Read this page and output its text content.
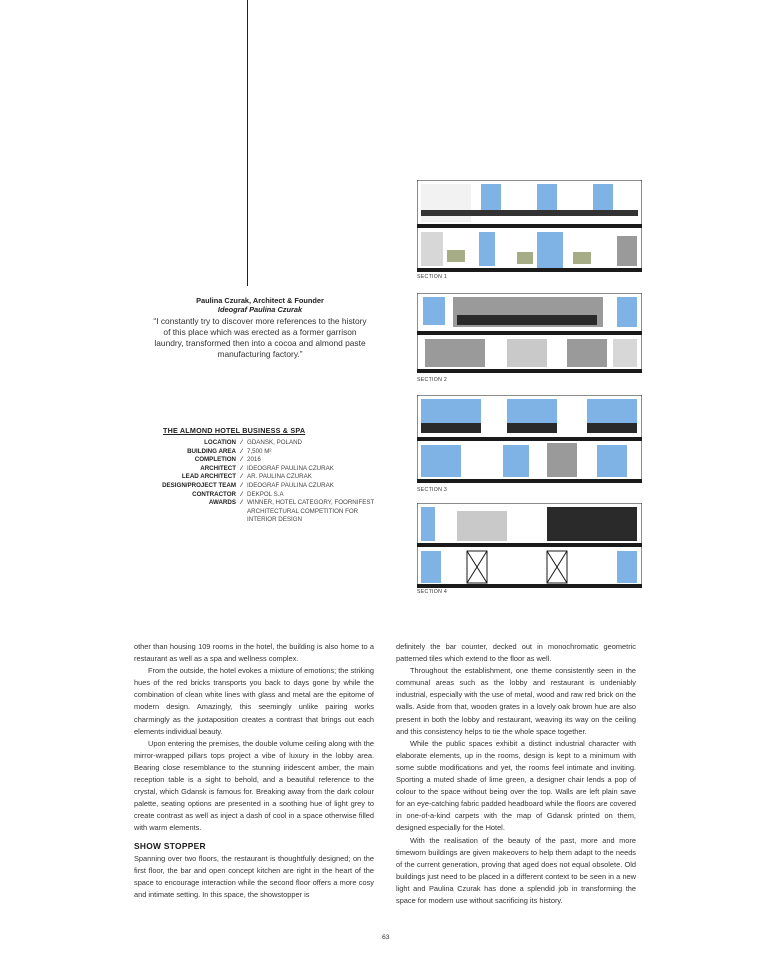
Paulina Czurak, Architect & Founder
Ideograf Paulina Czurak
“I constantly try to discover more references to the history of this place which was erected as a former garrison laundry, transformed then into a cocoa and almond paste manufacturing factory.”
THE ALMOND HOTEL BUSINESS & SPA
LOCATION ⁄ GDANSK, POLAND
BUILDING AREA ⁄ 7,500 M²
COMPLETION ⁄ 2016
ARCHITECT ⁄ IDEOGRAF PAULINA CZURAK
LEAD ARCHITECT ⁄ AR. PAULINA CZURAK
DESIGN/PROJECT TEAM ⁄ IDEOGRAF PAULINA CZURAK
CONTRACTOR ⁄ DEKPOL S.A
AWARDS ⁄ WINNER, HOTEL CATEGORY, FOORNIFEST ARCHITECTURAL COMPETITION FOR INTERIOR DESIGN
SECTION 1
SECTION 2
SECTION 3
SECTION 4

other than housing 109 rooms in the hotel, the building is also home to a restaurant as well as a spa and wellness complex.

From the outside, the hotel evokes a mixture of emotions; the striking hues of the red bricks transports you back to days gone by while the combination of clean white lines with glass and metal are the epitome of modern design. Amazingly, this seemingly unlike pairing works charmingly as the juxtaposition creates a contrast that brings out each elements individual beauty.

Upon entering the premises, the double volume ceiling along with the mirror-wrapped pillars tops project a vibe of luxury in the lobby area. Bearing close resemblance to the stunning iridescent amber, the main reception table is a sight to behold, and a beautiful reference to the crystal, which Gdansk is famous for. Breaking away from the dark colour palette, seating options are presented in a soothing hue of light grey to create contrast as well as inject a dash of cool in a space otherwise filled with warm elements.

SHOW STOPPER

Spanning over two floors, the restaurant is thoughtfully designed; on the first floor, the bar and open concept kitchen are right in the heart of the space to encourage interaction while the second floor offers a more cosy and intimate setting. In this space, the showstopper is

definitely the bar counter, decked out in monochromatic geometric patterned tiles which extend to the floor as well.

Throughout the establishment, one theme consistently seen in the communal areas such as the lobby and restaurant is undeniably industrial, especially with the use of metal, wood and raw red brick on the walls. Aside from that, wooden grates in a lovely oak brown hue are also present in both the lobby and restaurant, weaving its way on the ceiling and this consistency helps to tie the whole space together.

While the public spaces exhibit a distinct industrial character with elaborate elements, up in the rooms, design is kept to a minimum with some subtle modifications and yet, the rooms feel intimate and inviting. Sporting a muted shade of lime green, a designer chair lends a pop of colour to the space without being over the top. Walls are left plain save for an eye-catching fabric padded headboard while the floors are covered in one-of-a-kind carpets with the map of Gdansk printed on them, designed especially for the Hotel.

With the realisation of the beauty of the past, more and more timeworn buildings are given makeovers to help them adapt to the needs of the current generation, proving that aged does not equal obsolete. Old buildings just need to be placed in a different context to be seen in a new light and Paulina Czurak has done a splendid job in transforming the space for modern use without sacrificing its history.

63
